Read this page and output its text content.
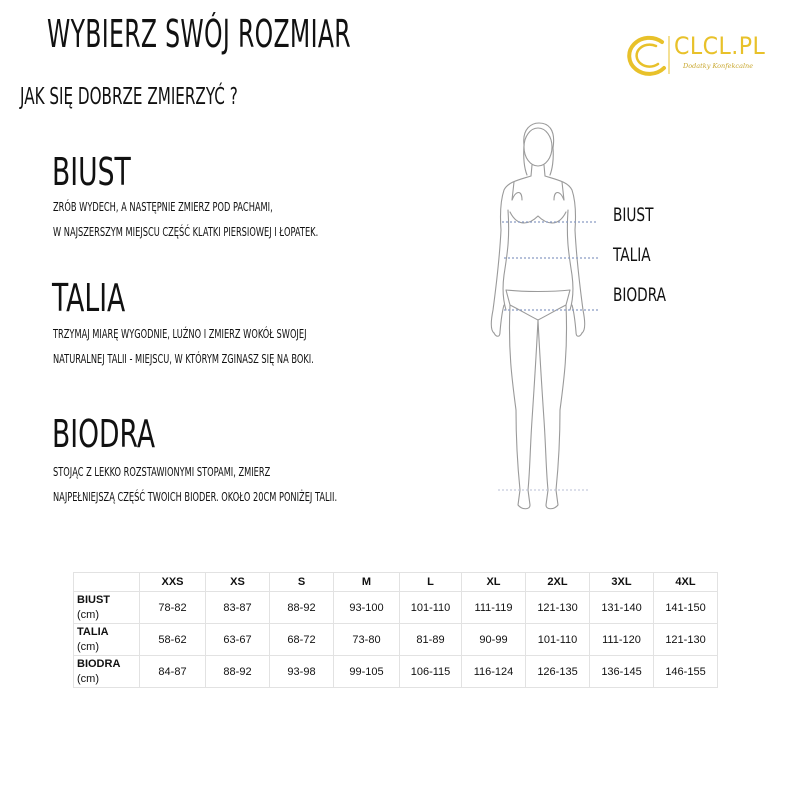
WYBIERZ SWÓJ ROZMIAR
JAK SIĘ DOBRZE ZMIERZYĆ ?
CLCL.PL
Dodatky Konfekcalne
BIUST
ZRÓB WYDECH, A NASTĘPNIE ZMIERZ POD PACHAMI,
W NAJSZERSZYM MIEJSCU CZĘŚĆ KLATKI PIERSIOWEJ I ŁOPATEK.
TALIA
TRZYMAJ MIARĘ WYGODNIE, LUŹNO I ZMIERZ WOKÓŁ SWOJEJ
NATURALNEJ TALII - MIEJSCU, W KTÓRYM ZGINASZ SIĘ NA BOKI.
BIODRA
STOJĄC Z LEKKO ROZSTAWIONYMI STOPAMI, ZMIERZ
NAJPEŁNIEJSZĄ CZĘŚĆ TWOICH BIODER. OKOŁO 20CM PONIŻEJ TALII.
BIUST
TALIA
BIODRA
	XXS	XS	S	M	L	XL	2XL	3XL	4XL

BIUST
(cm)	78-82	83-87	88-92	93-100	101-110	111-119	121-130	131-140	141-150

TALIA
(cm)	58-62	63-67	68-72	73-80	81-89	90-99	101-110	111-120	121-130

BIODRA
(cm)	84-87	88-92	93-98	99-105	106-115	116-124	126-135	136-145	146-155
